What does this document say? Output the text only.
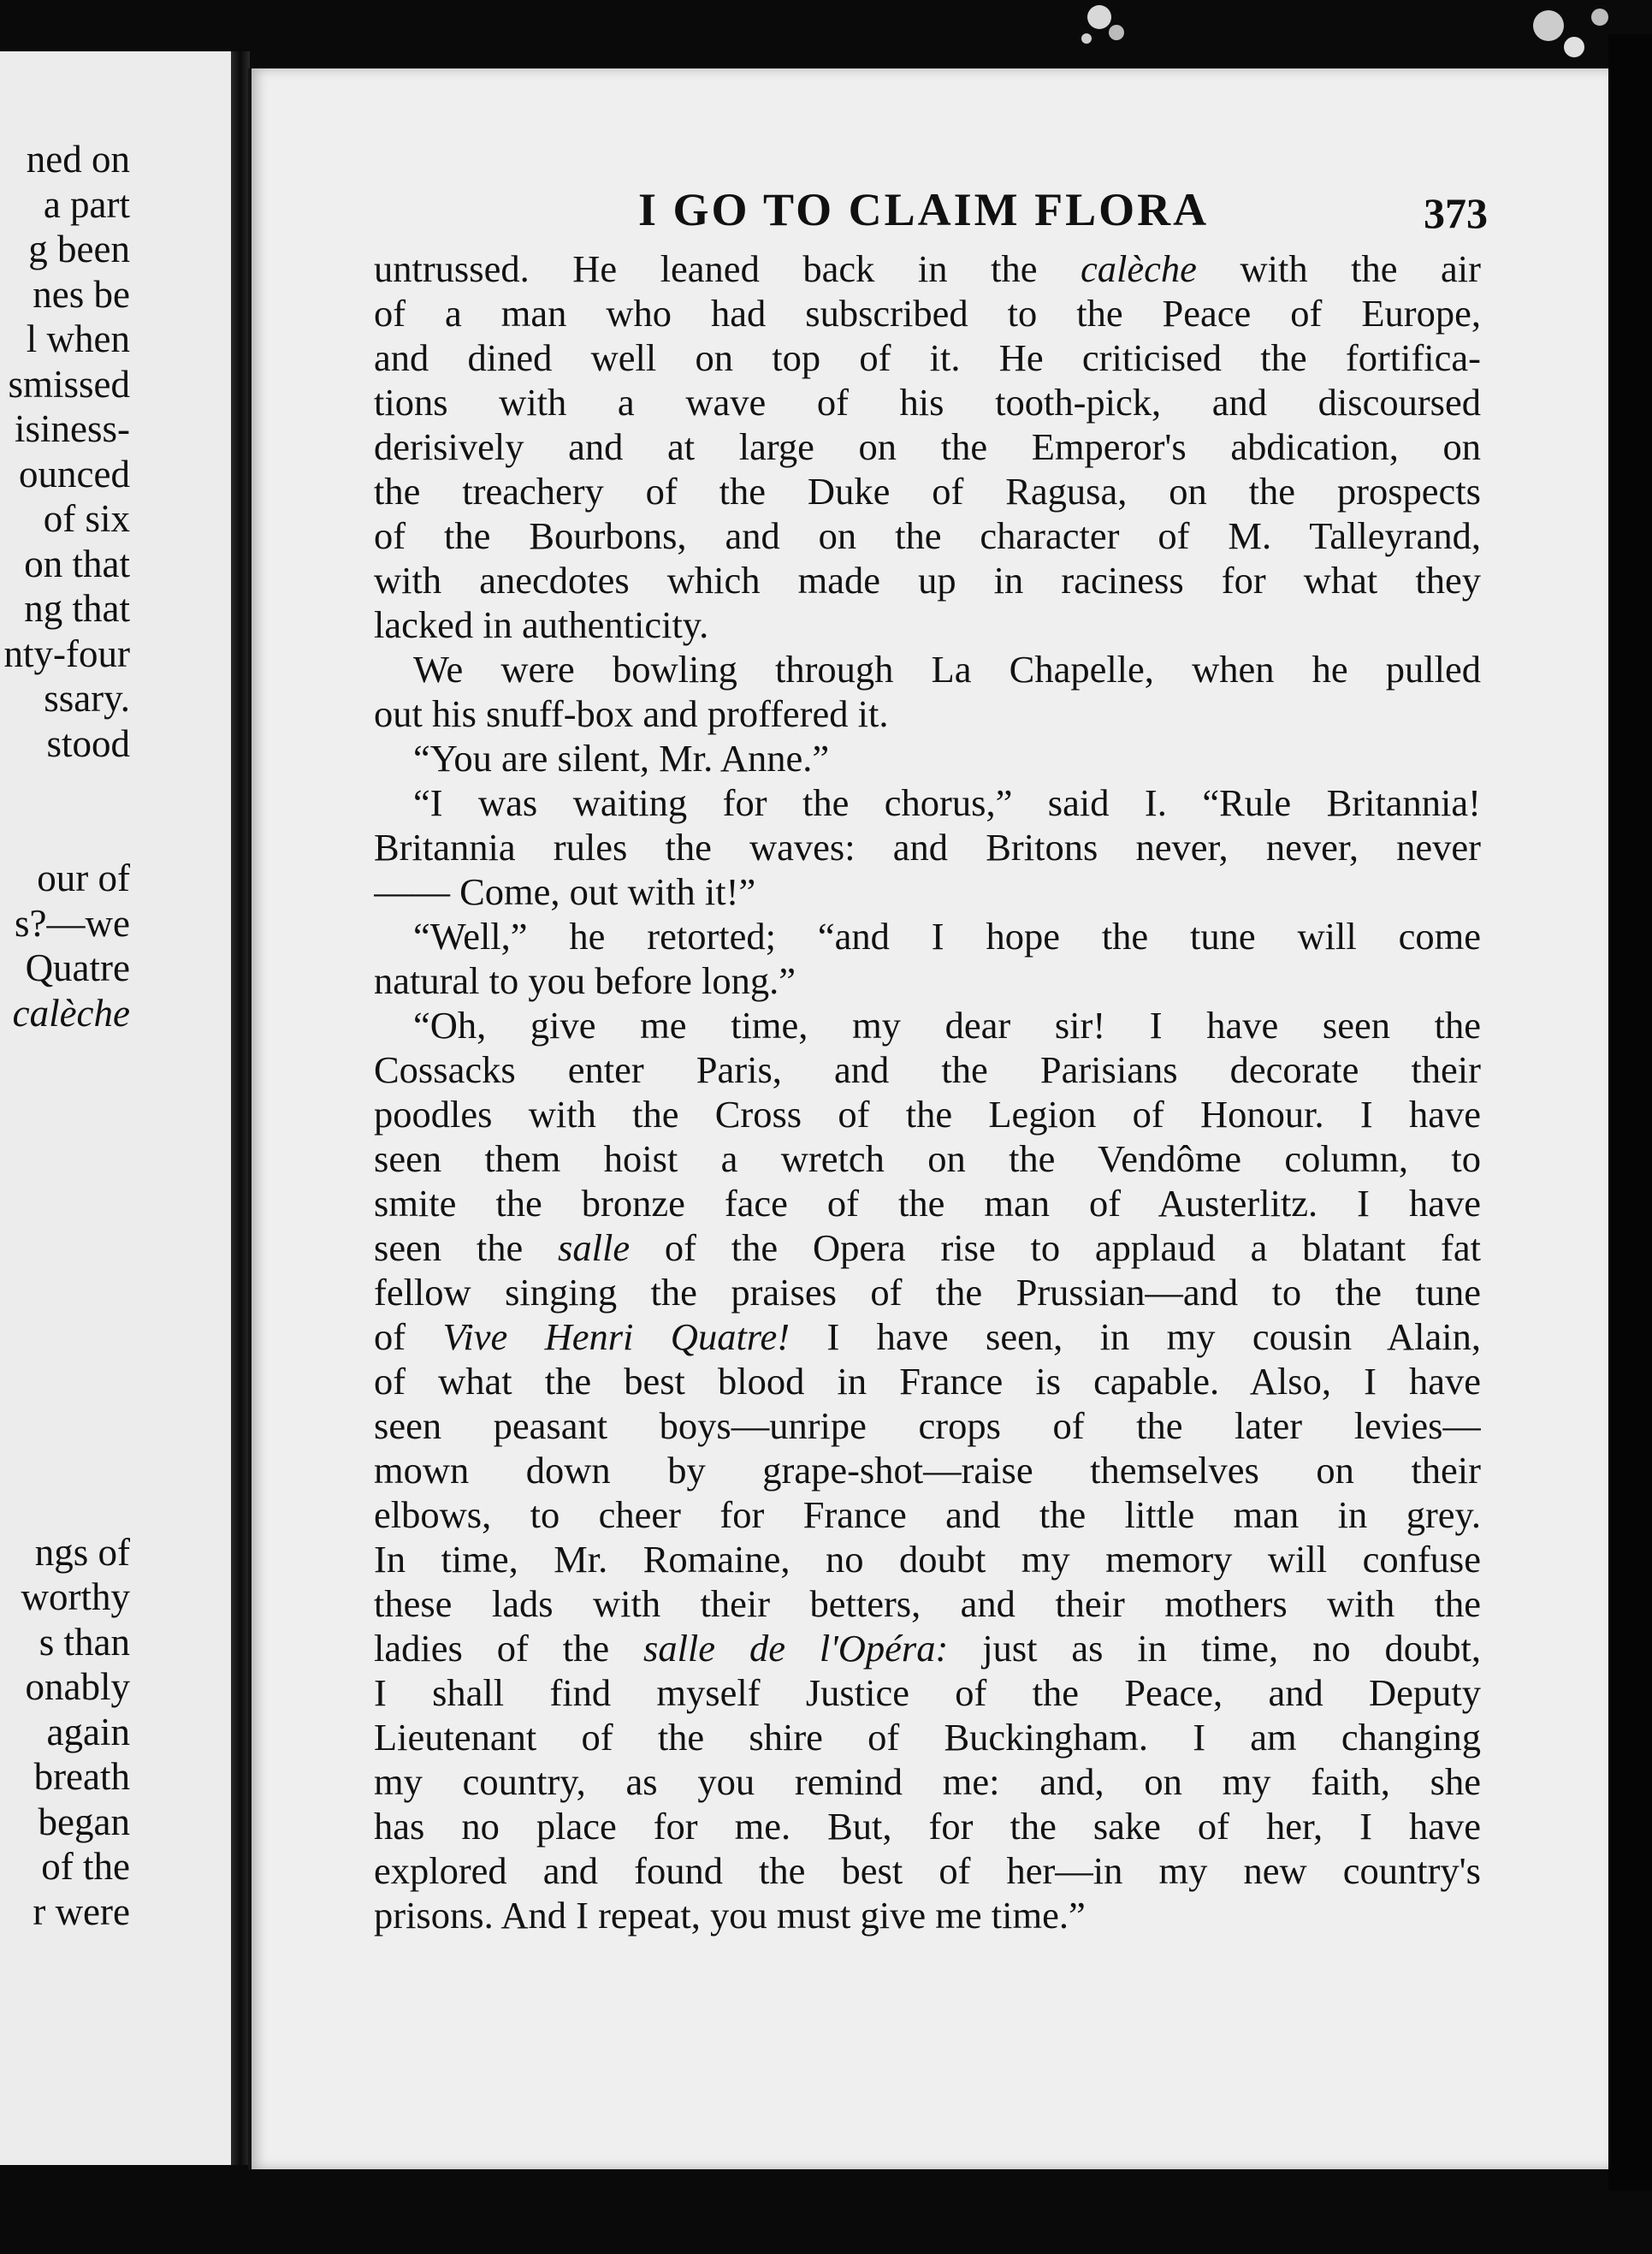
ned on
a part
g been
nes be
l when
smissed
isiness-
ounced
of six
on that
ng that
nty-four
ssary.
stood
our of
s?—we
Quatre
calèche
ngs of
worthy
s than
onably
again
breath
began
of the
r were
I GO TO CLAIM FLORA	373
untrussed. He leaned back in the calèche with the air
of a man who had subscribed to the Peace of Europe,
and dined well on top of it. He criticised the fortifica-
tions with a wave of his tooth-pick, and discoursed
derisively and at large on the Emperor's abdication, on
the treachery of the Duke of Ragusa, on the prospects
of the Bourbons, and on the character of M. Talleyrand,
with anecdotes which made up in raciness for what they
lacked in authenticity.
We were bowling through La Chapelle, when he pulled
out his snuff-box and proffered it.
“You are silent, Mr. Anne.”
“I was waiting for the chorus,” said I. “Rule Britannia!
Britannia rules the waves: and Britons never, never, never
—— Come, out with it!”
“Well,” he retorted; “and I hope the tune will come
natural to you before long.”
“Oh, give me time, my dear sir! I have seen the
Cossacks enter Paris, and the Parisians decorate their
poodles with the Cross of the Legion of Honour. I have
seen them hoist a wretch on the Vendôme column, to
smite the bronze face of the man of Austerlitz. I have
seen the salle of the Opera rise to applaud a blatant fat
fellow singing the praises of the Prussian—and to the tune
of Vive Henri Quatre! I have seen, in my cousin Alain,
of what the best blood in France is capable. Also, I have
seen peasant boys—unripe crops of the later levies—
mown down by grape-shot—raise themselves on their
elbows, to cheer for France and the little man in grey.
In time, Mr. Romaine, no doubt my memory will confuse
these lads with their betters, and their mothers with the
ladies of the salle de l'Opéra: just as in time, no doubt,
I shall find myself Justice of the Peace, and Deputy
Lieutenant of the shire of Buckingham. I am changing
my country, as you remind me: and, on my faith, she
has no place for me. But, for the sake of her, I have
explored and found the best of her—in my new country's
prisons. And I repeat, you must give me time.”
